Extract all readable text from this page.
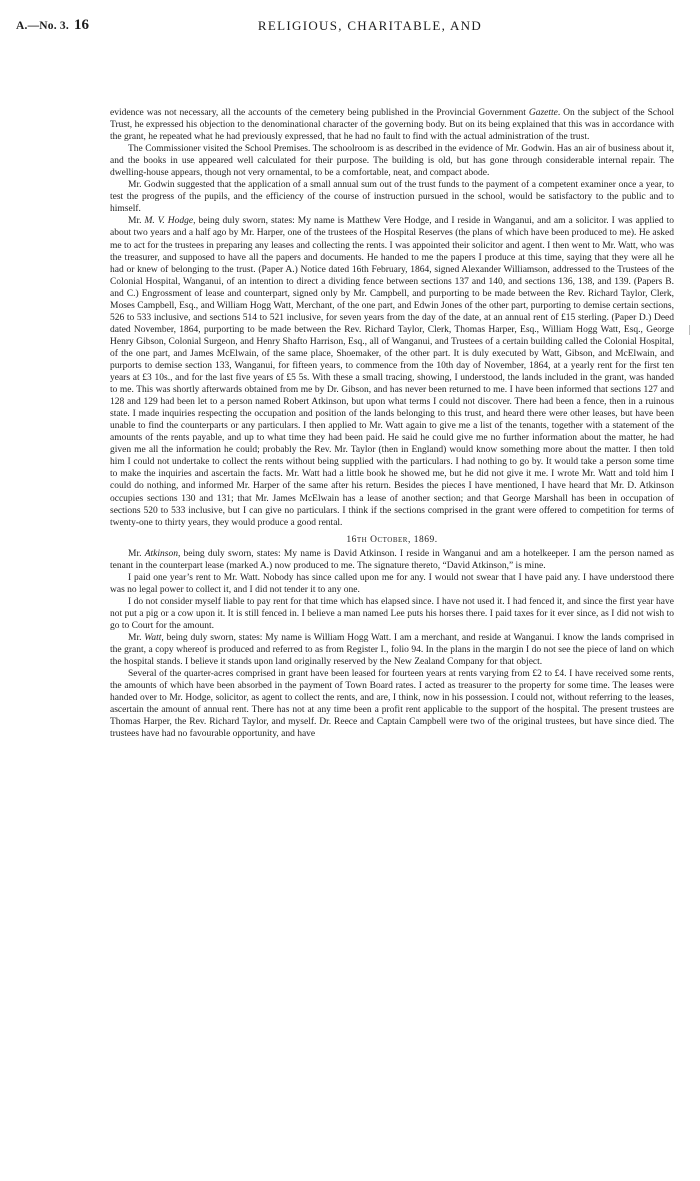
A.—No. 3. 16	RELIGIOUS, CHARITABLE, AND

evidence was not necessary, all the accounts of the cemetery being published in the Provincial Government Gazette. On the subject of the School Trust, he expressed his objection to the denominational character of the governing body. But on its being explained that this was in accordance with the grant, he repeated what he had previously expressed, that he had no fault to find with the actual administration of the trust.

The Commissioner visited the School Premises. The schoolroom is as described in the evidence of Mr. Godwin. Has an air of business about it, and the books in use appeared well calculated for their purpose. The building is old, but has gone through considerable internal repair. The dwelling-house appears, though not very ornamental, to be a comfortable, neat, and compact abode.

Mr. Godwin suggested that the application of a small annual sum out of the trust funds to the payment of a competent examiner once a year, to test the progress of the pupils, and the efficiency of the course of instruction pursued in the school, would be satisfactory to the public and to himself.

Mr. M. V. Hodge, being duly sworn, states: My name is Matthew Vere Hodge, and I reside in Wanganui, and am a solicitor. I was applied to about two years and a half ago by Mr. Harper, one of the trustees of the Hospital Reserves (the plans of which have been produced to me). He asked me to act for the trustees in preparing any leases and collecting the rents. I was appointed their solicitor and agent. I then went to Mr. Watt, who was the treasurer, and supposed to have all the papers and documents. He handed to me the papers I produce at this time, saying that they were all he had or knew of belonging to the trust. (Paper A.) Notice dated 16th February, 1864, signed Alexander Williamson, addressed to the Trustees of the Colonial Hospital, Wanganui, of an intention to direct a dividing fence between sections 137 and 140, and sections 136, 138, and 139. (Papers B. and C.) Engrossment of lease and counterpart, signed only by Mr. Campbell, and purporting to be made between the Rev. Richard Taylor, Clerk, Moses Campbell, Esq., and William Hogg Watt, Merchant, of the one part, and Edwin Jones of the other part, purporting to demise certain sections, 526 to 533 inclusive, and sections 514 to 521 inclusive, for seven years from the day of the date, at an annual rent of £15 sterling. (Paper D.) Deed dated November, 1864, purporting to be made between the Rev. Richard Taylor, Clerk, Thomas Harper, Esq., William Hogg Watt, Esq., George Henry Gibson, Colonial Surgeon, and Henry Shafto Harrison, Esq., all of Wanganui, and Trustees of a certain building called the Colonial Hospital, of the one part, and James McElwain, of the same place, Shoemaker, of the other part. It is duly executed by Watt, Gibson, and McElwain, and purports to demise section 133, Wanganui, for fifteen years, to commence from the 10th day of November, 1864, at a yearly rent for the first ten years at £3 10s., and for the last five years of £5 5s. With these a small tracing, showing, I understood, the lands included in the grant, was handed to me. This was shortly afterwards obtained from me by Dr. Gibson, and has never been returned to me. I have been informed that sections 127 and 128 and 129 had been let to a person named Robert Atkinson, but upon what terms I could not discover. There had been a fence, then in a ruinous state. I made inquiries respecting the occupation and position of the lands belonging to this trust, and heard there were other leases, but have been unable to find the counterparts or any particulars. I then applied to Mr. Watt again to give me a list of the tenants, together with a statement of the amounts of the rents payable, and up to what time they had been paid. He said he could give me no further information about the matter, he had given me all the information he could; probably the Rev. Mr. Taylor (then in England) would know something more about the matter. I then told him I could not undertake to collect the rents without being supplied with the particulars. I had nothing to go by. It would take a person some time to make the inquiries and ascertain the facts. Mr. Watt had a little book he showed me, but he did not give it me. I wrote Mr. Watt and told him I could do nothing, and informed Mr. Harper of the same after his return. Besides the pieces I have mentioned, I have heard that Mr. D. Atkinson occupies sections 130 and 131; that Mr. James McElwain has a lease of another section; and that George Marshall has been in occupation of sections 520 to 533 inclusive, but I can give no particulars. I think if the sections comprised in the grant were offered to competition for terms of twenty-one to thirty years, they would produce a good rental.

16th October, 1869.

Mr. Atkinson, being duly sworn, states: My name is David Atkinson. I reside in Wanganui and am a hotelkeeper. I am the person named as tenant in the counterpart lease (marked A.) now produced to me. The signature thereto, “David Atkinson,” is mine.

I paid one year’s rent to Mr. Watt. Nobody has since called upon me for any. I would not swear that I have paid any. I have understood there was no legal power to collect it, and I did not tender it to any one.

I do not consider myself liable to pay rent for that time which has elapsed since. I have not used it. I had fenced it, and since the first year have not put a pig or a cow upon it. It is still fenced in. I believe a man named Lee puts his horses there. I paid taxes for it ever since, as I did not wish to go to Court for the amount.

Mr. Watt, being duly sworn, states: My name is William Hogg Watt. I am a merchant, and reside at Wanganui. I know the lands comprised in the grant, a copy whereof is produced and referred to as from Register I., folio 94. In the plans in the margin I do not see the piece of land on which the hospital stands. I believe it stands upon land originally reserved by the New Zealand Company for that object.

Several of the quarter-acres comprised in grant have been leased for fourteen years at rents varying from £2 to £4. I have received some rents, the amounts of which have been absorbed in the payment of Town Board rates. I acted as treasurer to the property for some time. The leases were handed over to Mr. Hodge, solicitor, as agent to collect the rents, and are, I think, now in his possession. I could not, without referring to the leases, ascertain the amount of annual rent. There has not at any time been a profit rent applicable to the support of the hospital. The present trustees are Thomas Harper, the Rev. Richard Taylor, and myself. Dr. Reece and Captain Campbell were two of the original trustees, but have since died. The trustees have had no favourable opportunity, and have
